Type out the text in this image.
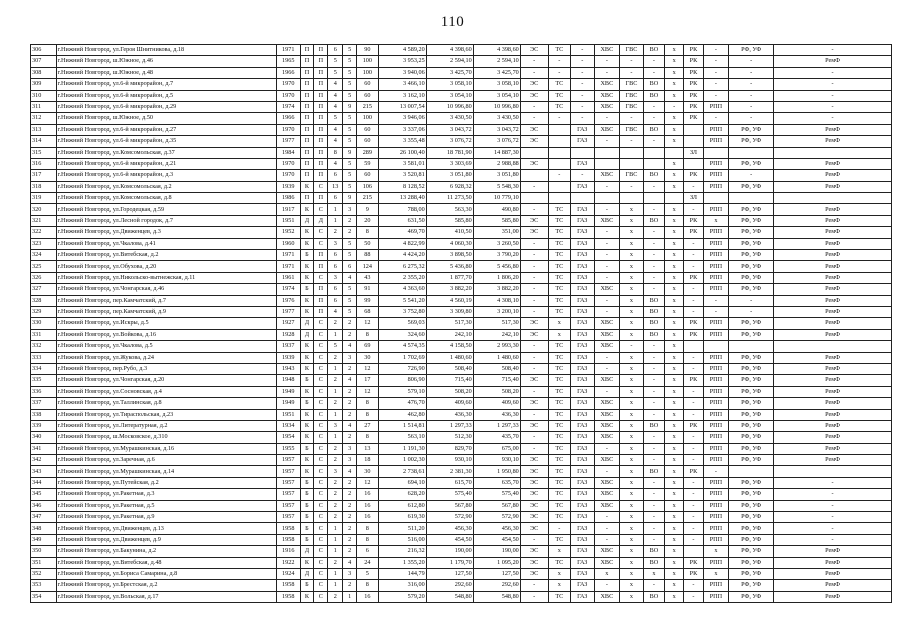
110
306	г.Нижний Новгород, ул.Героя Шнитникова, д.18	1971	П	П	6	5	90	4 589,20	4 398,60	4 398,60	ЭС	ТС	-	ХВС	ГВС	ВО	х	РК	-	РФ, УФ	-
307	г.Нижний Новгород, ш.Южное, д.46	1965	П	П	5	5	100	3 953,25	2 594,10	2 594,10	-	-	-	-	-	-	х	РК	-	-	РемФ
308	г.Нижний Новгород, ш.Южное, д.48	1966	П	П	5	5	100	3 940,06	3 425,70	3 425,70	-	-	-	-	-	-	х	РК	-	-	-
309	г.Нижний Новгород, ул.6-й микрорайон, д.7	1970	П	П	4	5	60	3 466,10	3 058,10	3 058,10	ЭС	ТС	-	ХВС	ГВС	ВО	х	РК	-	-	-
310	г.Нижний Новгород, ул.6-й микрорайон, д.5	1970	П	П	4	5	60	3 162,10	3 054,10	3 054,10	ЭС	ТС	-	ХВС	ГВС	ВО	х	РК	-	-	-
311	г.Нижний Новгород, ул.6-й микрорайон, д.29	1974	П	П	4	9	215	13 007,54	10 996,80	10 996,80	-	ТС	-	ХВС	ГВС	-	-	РК	РПП	-	-
312	г.Нижний Новгород, ш.Южное, д.50	1966	П	П	5	5	100	3 946,06	3 430,50	3 430,50	-	-	-	-	-	-	х	РК	-	-	-
313	г.Нижний Новгород, ул.6-й микрорайон, д.27	1970	П	П	4	5	60	3 337,06	3 043,72	3 043,72	ЭС		ГАЗ	ХВС	ГВС	ВО	х		РПП	РФ, УФ	РемФ
314	г.Нижний Новгород, ул.6-й микрорайон, д.35	1977	П	П	4	5	60	3 355,48	3 076,72	3 076,72	ЭС		ГАЗ	-	-	-	х		РПП	РФ, УФ	РемФ
315	г.Нижний Новгород, ул.Комсомольская, д.37	1984	П	П	8	9	289	26 100,40	18 781,90	14 887,30								ЗЛ			
316	г.Нижний Новгород, ул.6-й микрорайон, д.21	1970	П	П	4	5	59	3 581,01	3 303,69	2 988,88	ЭС		ГАЗ				х		РПП	РФ, УФ	РемФ
317	г.Нижний Новгород, ул.6-й микрорайон, д.3	1970	П	П	6	5	60	3 520,81	3 051,80	3 051,80		-	-	ХВС	ГВС	ВО	х	РК	РПП	-	РемФ
318	г.Нижний Новгород, ул.Комсомольская, д.2	1939	К	С	13	5	106	8 128,52	6 928,32	5 548,30	-		ГАЗ	-	-	-	х	-	РПП	РФ, УФ	РемФ
319	г.Нижний Новгород, ул.Комсомольская, д.8	1986	П	П	6	9	215	13 288,40	11 273,50	10 779,10								ЗЛ			
320	г.Нижний Новгород, ул.Городецкая, д.59	1917	К	С	1	3	9	788,00	563,30	490,80	-	ТС	ГАЗ	-	х	-	х	-	РПП	РФ, УФ	РемФ
321	г.Нижний Новгород, ул.Лесной городок, д.7	1951	Д	Д	1	2	20	631,50	585,80	585,80	ЭС	ТС	ГАЗ	ХВС	х	ВО	х	РК	х	РФ, УФ	РемФ
322	г.Нижний Новгород, ул.Движенцев, д.3	1952	К	С	2	2	8	469,70	410,50	351,00	ЭС	ТС	ГАЗ	-	х	-	х	РК	РПП	РФ, УФ	РемФ
323	г.Нижний Новгород, ул.Чкалова, д.41	1960	К	С	3	5	50	4 822,99	4 060,30	3 260,50	-	ТС	ГАЗ	-	х	-	х	-	РПП	РФ, УФ	РемФ
324	г.Нижний Новгород, ул.Витебская, д.2	1971	Б	П	6	5	88	4 424,20	3 898,50	3 790,20	-	ТС	ГАЗ	-	х	-	х	-	РПП	РФ, УФ	РемФ
325	г.Нижний Новгород, ул.Обухова, д.20	1971	К	П	6	6	124	6 275,32	5 436,80	5 456,80	-	ТС	ГАЗ	-	х	-	х	-	РПП	РФ, УФ	РемФ
326	г.Нижний Новгород, ул.Никольско-вытнежская, д.11	1961	К	С	3	4	43	2 355,20	1 877,70	1 806,20	-	ТС	ГАЗ	-	х	-	х	РК	РПП	РФ, УФ	РемФ
327	г.Нижний Новгород, ул.Чонгарская, д.46	1974	Б	П	6	5	91	4 363,60	3 882,20	3 882,20	-	ТС	ГАЗ	ХВС	х	-	х	-	РПП	РФ, УФ	РемФ
328	г.Нижний Новгород, пер.Камчатский, д.7	1976	К	П	6	5	99	5 541,20	4 560,19	4 308,10	-	ТС	ГАЗ	-	х	ВО	х	-	-	-	РемФ
329	г.Нижний Новгород, пер.Камчатский, д.9	1977	К	П	4	5	68	3 752,80	3 309,80	3 200,10	-	ТС	ГАЗ	-	х	ВО	х	-	-	-	РемФ
330	г.Нижний Новгород, ул.Искры, д.5	1927	Д	С	2	2	12	569,03	517,30	517,30	ЭС	х	ГАЗ	ХВС	х	ВО	х	РК	РПП	РФ, УФ	РемФ
331	г.Нижний Новгород, ул.Войкова, д.16	1928	Д	С	1	2	8	324,60	242,10	242,10	ЭС	х	ГАЗ	ХВС	х	ВО	х	РК	РПП	РФ, УФ	РемФ
332	г.Нижний Новгород, ул.Чкалова, д.5	1937	К	С	5	4	69	4 574,35	4 158,50	2 993,30	-	ТС	ГАЗ	ХВС	-	-	х				
333	г.Нижний Новгород, ул.Жукова, д.24	1939	К	С	2	3	30	1 702,69	1 480,60	1 480,60	-	ТС	ГАЗ	-	х	-	х	-	РПП	РФ, УФ	РемФ
334	г.Нижний Новгород, пер.Рубо, д.3	1943	К	С	1	2	12	726,90	508,40	508,40	-	ТС	ГАЗ	-	х	-	х	-	РПП	РФ, УФ	РемФ
335	г.Нижний Новгород, ул.Чонгарская, д.20	1948	Б	С	2	4	17	806,90	715,40	715,40	ЭС	ТС	ГАЗ	ХВС	х	-	х	РК	РПП	РФ, УФ	РемФ
336	г.Нижний Новгород, ул.Сосновская, д.4	1949	К	С	1	2	12	579,10	508,20	508,20	-	ТС	ГАЗ	-	х	-	х	-	РПП	РФ, УФ	РемФ
337	г.Нижний Новгород, ул.Таллинская, д.8	1949	Б	С	2	2	8	476,70	409,60	409,60	ЭС	ТС	ГАЗ	ХВС	х	-	х	-	РПП	РФ, УФ	РемФ
338	г.Нижний Новгород, ул.Тираспольская, д.23	1951	К	С	1	2	8	462,80	436,30	436,30	-	ТС	ГАЗ	ХВС	х	-	х	-	РПП	РФ, УФ	РемФ
339	г.Нижний Новгород, ул.Литературная, д.2	1934	К	С	3	4	27	1 514,81	1 297,33	1 297,33	ЭС	ТС	ГАЗ	ХВС	х	ВО	х	РК	РПП	РФ, УФ	РемФ
340	г.Нижний Новгород, ш.Московское, д.310	1954	К	С	1	2	8	563,10	512,30	435,70	-	ТС	ГАЗ	ХВС	х	-	х	-	РПП	РФ, УФ	РемФ
341	г.Нижний Новгород, ул.Мурашкинская, д.16	1955	Б	С	2	3	13	1 191,30	829,70	675,00	-	ТС	ГАЗ	-	х	-	х	-	РПП	РФ, УФ	РемФ
342	г.Нижний Новгород, ул.Заречная, д.6	1957	К	С	2	3	18	1 002,30	930,10	930,10	ЭС	ТС	ГАЗ	ХВС	х	-	х	-	РПП	РФ, УФ	РемФ
343	г.Нижний Новгород, ул.Мурашкинская, д.14	1957	К	С	3	4	30	2 738,61	2 381,30	1 950,80	ЭС	ТС	ГАЗ	-	х	ВО	х	РК	-		
344	г.Нижний Новгород, ул.Путейская, д.2	1957	Б	С	2	2	12	694,10	615,70	635,70	ЭС	ТС	ГАЗ	ХВС	х	-	х	-	РПП	РФ, УФ	-
345	г.Нижний Новгород, ул.Ракетная, д.3	1957	Б	С	2	2	16	628,20	575,40	575,40	ЭС	ТС	ГАЗ	ХВС	х	-	х	-	РПП	РФ, УФ	-
346	г.Нижний Новгород, ул.Ракетная, д.5	1957	Б	С	2	2	16	612,80	567,80	567,80	ЭС	ТС	ГАЗ	ХВС	х	-	х	-	РПП	РФ, УФ	-
347	г.Нижний Новгород, ул.Ракетная, д.9	1957	Б	С	2	2	16	619,30	572,90	572,90	ЭС	ТС	ГАЗ	-	х	-	х	-	РПП	РФ, УФ	-
348	г.Нижний Новгород, ул.Движенцев, д.13	1958	Б	С	1	2	8	511,20	456,30	456,30	ЭС	-	ГАЗ	-	х	-	х	-	РПП	РФ, УФ	-
349	г.Нижний Новгород, ул.Движенцев, д.9	1958	Б	С	1	2	8	516,00	454,50	454,50	-	ТС	ГАЗ	-	х	-	х	-	РПП	РФ, УФ	-
350	г.Нижний Новгород, ул.Бакунина, д.2	1916	Д	С	1	2	6	216,32	190,00	190,00	ЭС	х	ГАЗ	ХВС	х	ВО	х		х	РФ, УФ	РемФ
351	г.Нижний Новгород, ул.Витебская, д.48	1922	К	С	2	4	24	1 355,20	1 179,70	1 095,20	ЭС	ТС	ГАЗ	ХВС	х	ВО	х	РК	РПП	РФ, УФ	РемФ
352	г.Нижний Новгород, ул.Бориса Самарина, д.8	1924	Д	С	1	3	5	144,79	127,50	127,50	ЭС	х	ГАЗ	х	х	х	х	РК	х	РФ, УФ	РемФ
353	г.Нижний Новгород, ул.Брестская, д.2	1958	Б	С	1	2	8	316,00	292,60	292,60	-	х	ГАЗ	-	х	-	х	-	РПП	РФ, УФ	РемФ
354	г.Нижний Новгород, ул.Вольская, д.17	1958	К	С	2	1	16	579,20	548,80	548,80	-	ТС	ГАЗ	ХВС	х	ВО	х	-	РПП	РФ, УФ	РемФ
